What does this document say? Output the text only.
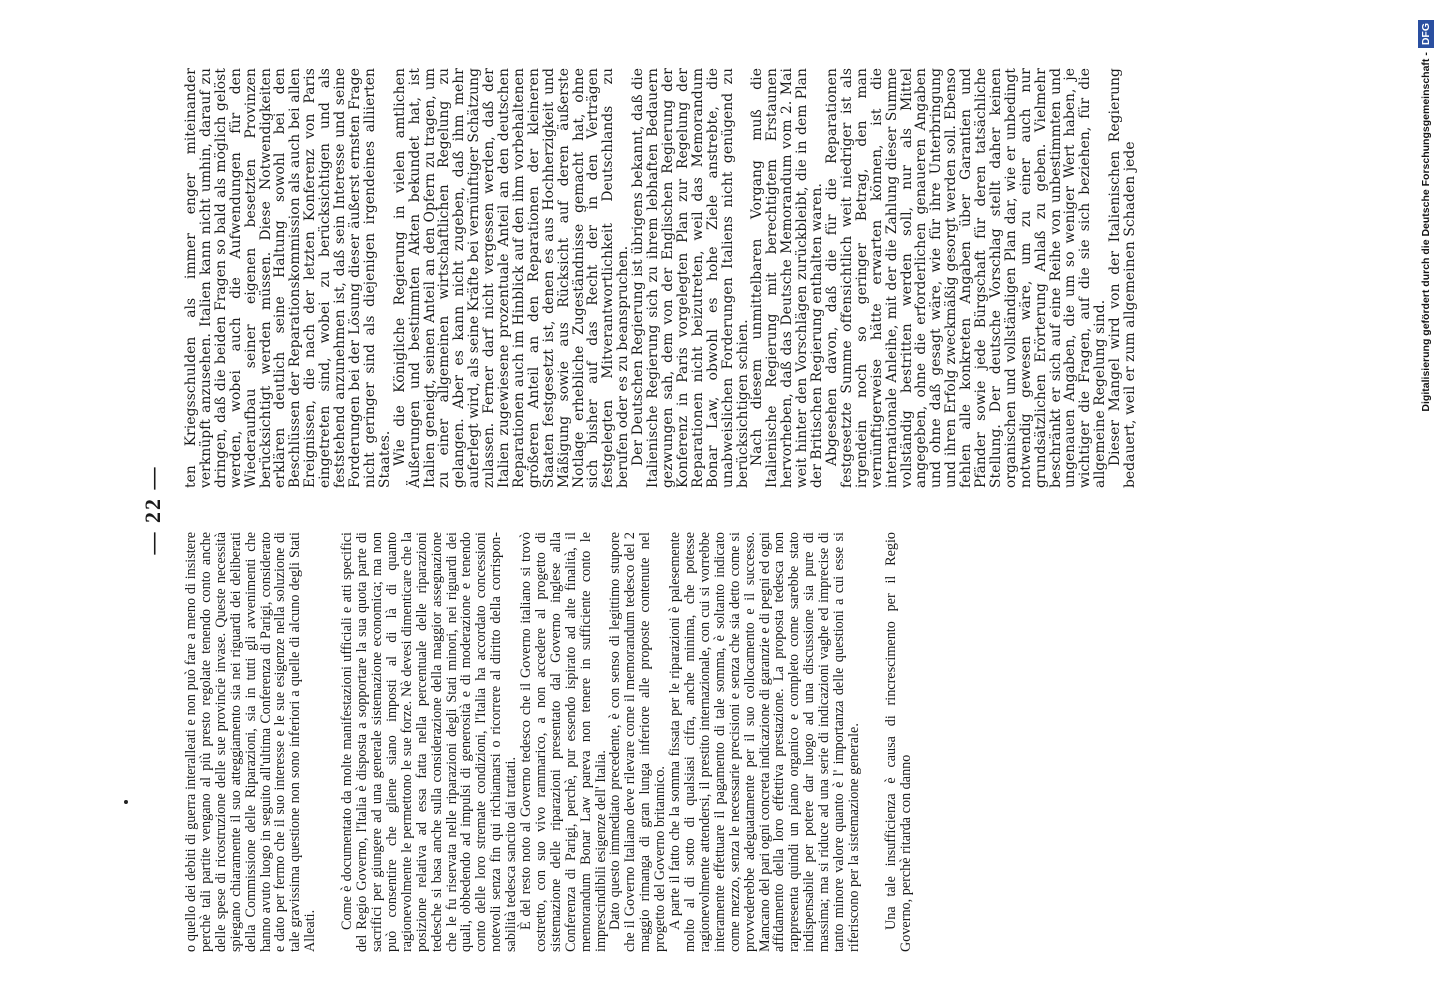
— 22 —

o quello dei debiti di guerra interalleati e non può fare a meno di insistere perchè tali partite vengano al più presto regolate tenendo conto anche delle spese di ricostruzione delle sue provincie invase. Queste necessità spiegano chiaramente il suo atteggiamento sia nei riguardi dei deliberati della Commissione delle Riparazioni, sia in tutti gli avvenimenti che hanno avuto luogo in seguito all'ultima Conferenza di Parigi, considerato e dato per fermo che il suo interesse e le sue esigenze nella soluzione di tale gravissima questione non sono inferiori a quelle di alcuno degli Stati Alleati.

Come è documentato da molte manifestazioni ufficiali e atti specifici del Regio Governo, l'Italia è disposta a sopportare la sua quota parte di sacrifici per giungere ad una generale sistemazione economica; ma non può consentire che gliene siano imposti al di là di quanto ragionevolmente le permettono le sue forze. Nè devesi dimenticare che la posizione relativa ad essa fatta nella percentuale delle riparazioni tedesche si basa anche sulla considerazione della maggior assegnazione che le fu riservata nelle riparazioni degli Stati minori, nei riguardi dei quali, obbedendo ad impulsi di generosità e di moderazione e tenendo conto delle loro stremate condizioni, l'Italia ha accordato concessioni notevoli senza fin qui richiamarsi o ricorrere al diritto della corrispon- sabilità tedesca sancito dai trattati.

È del resto noto al Governo tedesco che il Governo italiano si trovò costretto, con suo vivo rammarico, a non accedere al progetto di sistemazione delle riparazioni presentato dal Governo inglese alla Conferenza di Parigi, perchè, pur essendo ispirato ad alte finalità, il memorandum Bonar Law pareva non tenere in sufficiente conto le imprescindibili esigenze dell' Italia.

Dato questo immediato precedente, è con senso di legittimo stupore che il Governo Italiano deve rilevare come il memorandum tedesco del 2 maggio rimanga di gran lunga inferiore alle proposte contenute nel progetto del Governo britannico.

A parte il fatto che la somma fissata per le riparazioni è palesemente molto al di sotto di qualsiasi cifra, anche minima, che potesse ragionevolmente attendersi, il prestito internazionale, con cui si vorrebbe interamente effettuare il pagamento di tale somma, è soltanto indicato come mezzo, senza le necessarie precisioni e senza che sia detto come si provvederebbe adeguatamente per il suo collocamento e il successo. Mancano del pari ogni concreta indicazione di garanzie e di pegni ed ogni affidamento della loro effettiva prestazione. La proposta tedesca non rappresenta quindi un piano organico e completo come sarebbe stato indispensabile per potere dar luogo ad una discussione sia pure di massima; ma si riduce ad una serie di indicazioni vaghe ed imprecise di tanto minore valore quanto è l' importanza delle questioni a cui esse si riferiscono per la sistemazione generale. Una tale insufficienza è causa di rincrescimento per il Regio Governo, perchè ritarda con danno

ten Kriegsschulden als immer enger miteinander verknüpft anzusehen. Italien kann nicht umhin, darauf zu dringen, daß die beiden Fragen so bald als möglich gelöst werden, wobei auch die Aufwendungen für den Wiederaufbau seiner eigenen besetzten Provinzen berücksichtigt werden müssen. Diese Notwendigkeiten erklären deutlich seine Haltung sowohl bei den Beschlüssen der Reparationskommission als auch bei allen Ereignissen, die nach der letzten Konferenz von Paris eingetreten sind, wobei zu berücksichtigen und als feststehend anzunehmen ist, daß sein Interesse und seine Forderungen bei der Lösung dieser äußerst ernsten Frage nicht geringer sind als diejenigen irgendeines alliierten Staates.

Wie die Königliche Regierung in vielen amtlichen Äußerungen und bestimmten Akten bekundet hat, ist Italien geneigt, seinen Anteil an den Opfern zu tragen, um zu einer allgemeinen wirtschaftlichen Regelung zu gelangen. Aber es kann nicht zugeben, daß ihm mehr auferlegt wird, als seine Kräfte bei vernünftiger Schätzung zulassen. Ferner darf nicht vergessen werden, daß der Italien zugewiesene prozentuale Anteil an den deutschen Reparationen auch im Hinblick auf den ihm vorbehaltenen größeren Anteil an den Reparationen der kleineren Staaten festgesetzt ist, denen es aus Hochherzigkeit und Mäßigung sowie aus Rücksicht auf deren äußerste Notlage erhebliche Zugeständnisse gemacht hat, ohne sich bisher auf das Recht der in den Verträgen festgelegten Mitverantwortlichkeit Deutschlands zu berufen oder es zu beanspruchen.

Der Deutschen Regierung ist übrigens bekannt, daß die Italienische Regierung sich zu ihrem lebhaften Bedauern gezwungen sah, dem von der Englischen Regierung der Konferenz in Paris vorgelegten Plan zur Regelung der Reparationen nicht beizutreten, weil das Memorandum Bonar Law, obwohl es hohe Ziele anstrebte, die unabweislichen Forderungen Italiens nicht genügend zu berücksichtigen schien.

Nach diesem unmittelbaren Vorgang muß die Italienische Regierung mit berechtigtem Erstaunen hervorheben, daß das Deutsche Memorandum vom 2. Mai weit hinter den Vorschlägen zurückbleibt, die in dem Plan der Britischen Regierung enthalten waren.

Abgesehen davon, daß die für die Reparationen festgesetzte Summe offensichtlich weit niedriger ist als irgendein noch so geringer Betrag, den man vernünftigerweise hätte erwarten können, ist die internationale Anleihe, mit der die Zahlung dieser Summe vollständig bestritten werden soll, nur als Mittel angegeben, ohne die erforderlichen genaueren Angaben und ohne daß gesagt wäre, wie für ihre Unterbringung und ihren Erfolg zweckmäßig gesorgt werden soll. Ebenso fehlen alle konkreten Angaben über Garantien und Pfänder sowie jede Bürgschaft für deren tatsächliche Stellung. Der deutsche Vorschlag stellt daher keinen organischen und vollständigen Plan dar, wie er unbedingt notwendig gewesen wäre, um zu einer auch nur grundsätzlichen Erörterung Anlaß zu geben. Vielmehr beschränkt er sich auf eine Reihe von unbestimmten und ungenauen Angaben, die um so weniger Wert haben, je wichtiger die Fragen, auf die sie sich beziehen, für die allgemeine Regelung sind.

Dieser Mangel wird von der Italienischen Regierung bedauert, weil er zum allgemeinen Schaden jede	Digitalisierung gefördert durch die Deutsche Forschungsgemeinschaft -DFG
